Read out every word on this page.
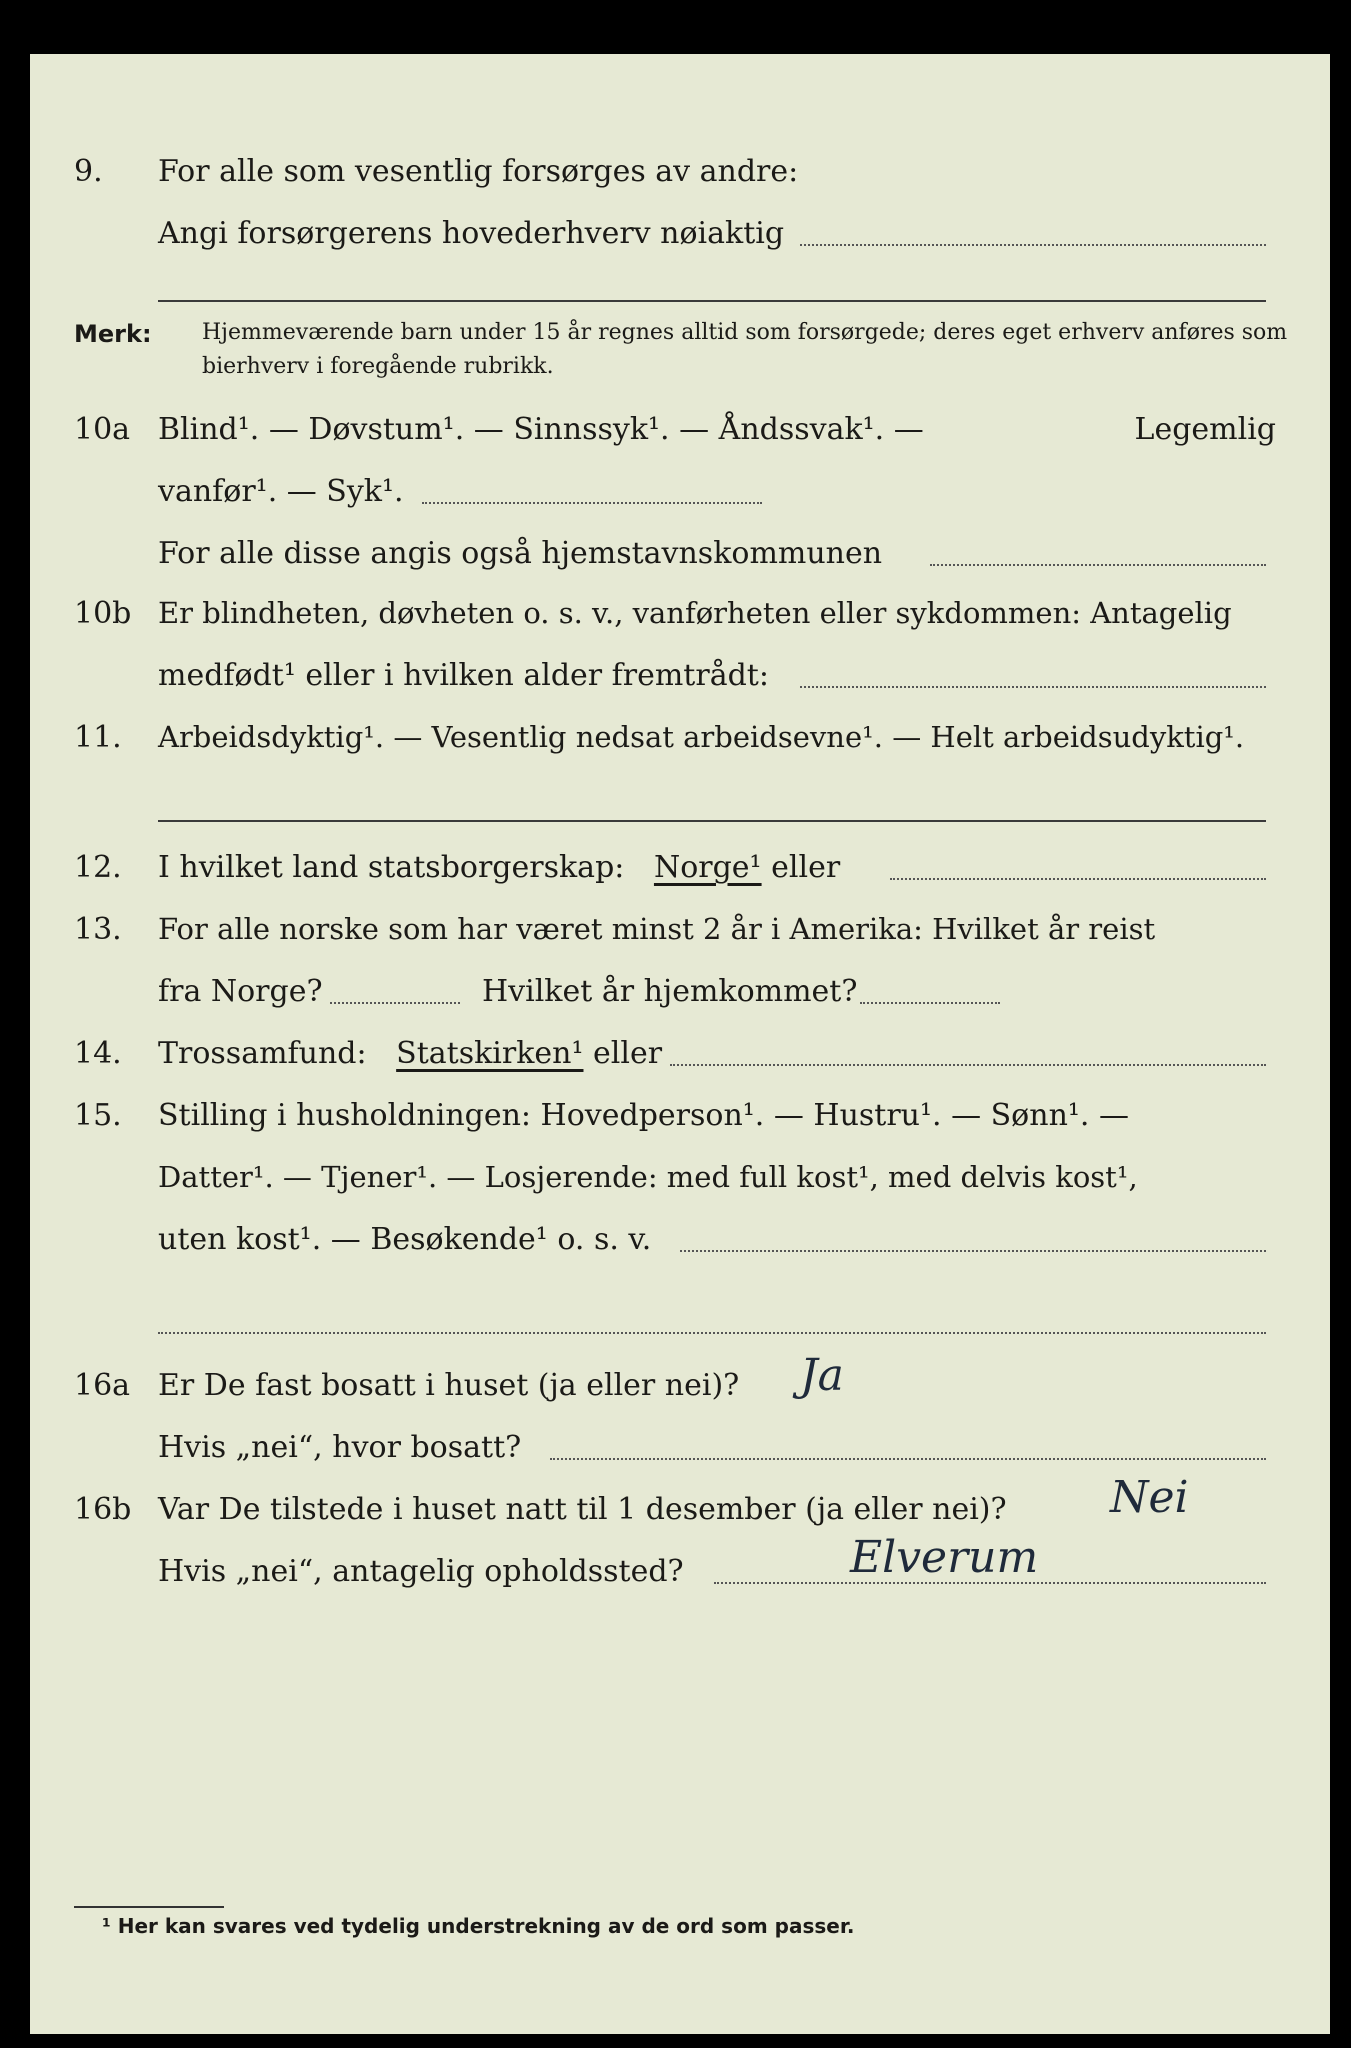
9. For alle som vesentlig forsørges av andre:
Angi forsørgerens hovederhverv nøiaktig
Merk: Hjemmeværende barn under 15 år regnes alltid som forsørgede; deres eget erhverv anføres som bierhverv i foregående rubrikk.
10a Blind¹. — Døvstum¹. — Sinnssyk¹. — Åndssvak¹. —	Legemlig
vanfør¹. — Syk¹.
For alle disse angis også hjemstavnskommunen
10b Er blindheten, døvheten o. s. v., vanførheten eller sykdommen: Antagelig
medfødt¹ eller i hvilken alder fremtrådt:
11. Arbeidsdyktig¹. — Vesentlig nedsat arbeidsevne¹. — Helt arbeidsudyktig¹.
12. I hvilket land statsborgerskap: Norge¹ eller
13. For alle norske som har været minst 2 år i Amerika: Hvilket år reist
fra Norge?	Hvilket år hjemkommet?
14. Trossamfund: Statskirken¹ eller
15. Stilling i husholdningen: Hovedperson¹. — Hustru¹. — Sønn¹. —
Datter¹. — Tjener¹. — Losjerende: med full kost¹, med delvis kost¹,
uten kost¹. — Besøkende¹ o. s. v.
16a Er De fast bosatt i huset (ja eller nei)? Ja
Hvis „nei“, hvor bosatt?
16b Var De tilstede i huset natt til 1 desember (ja eller nei)? Nei
Hvis „nei“, antagelig opholdssted?	Elverum
¹ Her kan svares ved tydelig understrekning av de ord som passer.
